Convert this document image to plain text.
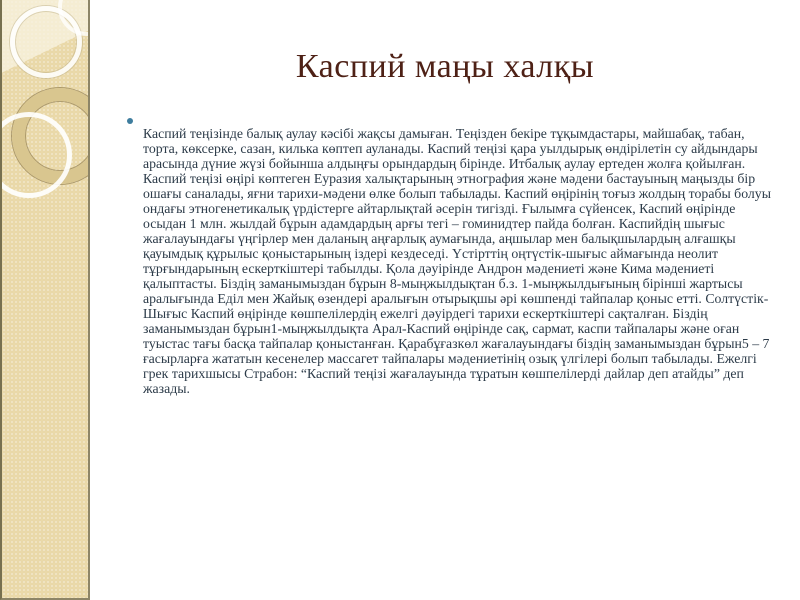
Каспий маңы халқы

Каспий теңізінде балық аулау кәсібі жақсы дамыған. Теңізден бекіре тұқымдастары, майшабақ, табан, торта, көксерке, сазан, килька көптеп ауланады. Каспий теңізі қара уылдырық өндірілетін су айдындары арасында дүние жүзі бойынша алдыңғы орындардың бірінде. Итбалық аулау ертеден жолға қойылған. Каспий теңізі өңірі көптеген Еуразия халықтарының этнография және мәдени бастауының маңызды бір ошағы саналады, яғни тарихи-мәдени өлке болып табылады. Каспий өңірінің тоғыз жолдың торабы болуы ондағы этногенетикалық үрдістерге айтарлықтай әсерін тигізді. Ғылымға сүйенсек, Каспий өңірінде осыдан 1 млн. жылдай бұрын адамдардың арғы тегі – гоминидтер пайда болған. Каспийдің шығыс жағалауындағы үңгірлер мен даланың аңғарлық аумағында, аңшылар мен балықшылардың алғашқы қауымдық құрылыс қоныстарының іздері кездеседі. Үстірттің оңтүстік-шығыс аймағында неолит тұрғындарының ескерткіштері табылды. Қола дәуірінде Андрон мәдениеті және Кима мәдениеті қалыптасты. Біздің заманымыздан бұрын 8-мыңжылдықтан б.з. 1-мыңжылдығының бірінші жартысы аралығында Еділ мен Жайық өзендері аралығын отырықшы әрі көшпенді тайпалар қоныс етті. Солтүстік-Шығыс Каспий өңірінде көшпелілердің ежелгі дәуірдегі тарихи ескерткіштері сақталған. Біздің заманымыздан бұрын1-мыңжылдықта Арал-Каспий өңірінде сақ, сармат, каспи тайпалары және оған туыстас тағы басқа тайпалар қоныстанған. Қарабұғазкөл жағалауындағы біздің заманымыздан бұрын5 – 7 ғасырларға жататын кесенелер массагет тайпалары мәдениетінің озық үлгілері болып табылады. Ежелгі грек тарихшысы Страбон: “Каспий теңізі жағалауында тұратын көшпелілерді дайлар деп атайды” деп жазады.
